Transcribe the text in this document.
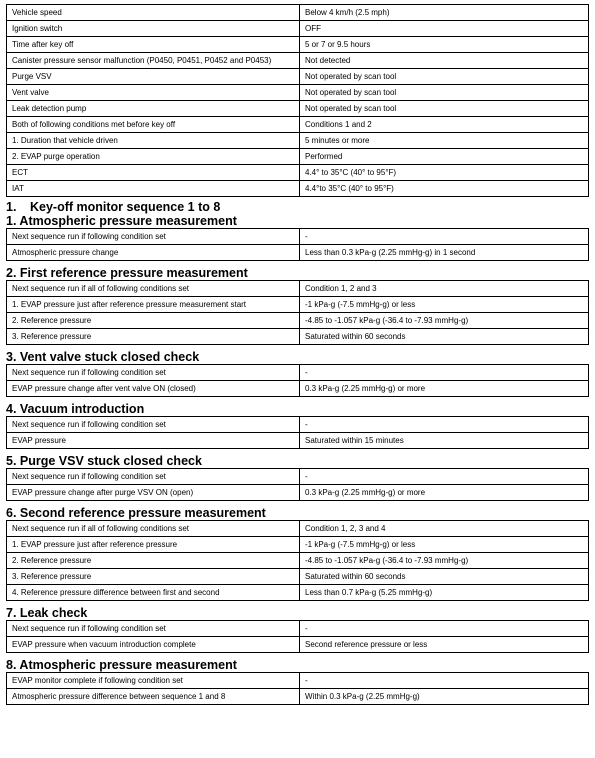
Vehicle speed	Below 4 km/h (2.5 mph)
Ignition switch	OFF
Time after key off	5 or 7 or 9.5 hours
Canister pressure sensor malfunction (P0450, P0451, P0452 and P0453)	Not detected
Purge VSV	Not operated by scan tool
Vent valve	Not operated by scan tool
Leak detection pump	Not operated by scan tool
Both of following conditions met before key off	Conditions 1 and 2
1. Duration that vehicle driven	5 minutes or more
2. EVAP purge operation	Performed
ECT	4.4° to 35°C (40° to 95°F)
IAT	4.4°to 35°C (40° to 95°F)
1. Key-off monitor sequence 1 to 8
1. Atmospheric pressure measurement
Next sequence run if following condition set	-
Atmospheric pressure change	Less than 0.3 kPa-g (2.25 mmHg-g) in 1 second
2. First reference pressure measurement
Next sequence run if all of following conditions set	Condition 1, 2 and 3
1. EVAP pressure just after reference pressure measurement start	-1 kPa-g (-7.5 mmHg-g) or less
2. Reference pressure	-4.85 to -1.057 kPa-g (-36.4 to -7.93 mmHg-g)
3. Reference pressure	Saturated within 60 seconds
3. Vent valve stuck closed check
Next sequence run if following condition set	-
EVAP pressure change after vent valve ON (closed)	0.3 kPa-g (2.25 mmHg-g) or more
4. Vacuum introduction
Next sequence run if following condition set	-
EVAP pressure	Saturated within 15 minutes
5. Purge VSV stuck closed check
Next sequence run if following condition set	-
EVAP pressure change after purge VSV ON (open)	0.3 kPa-g (2.25 mmHg-g) or more
6. Second reference pressure measurement
Next sequence run if all of following conditions set	Condition 1, 2, 3 and 4
1. EVAP pressure just after reference pressure	-1 kPa-g (-7.5 mmHg-g) or less
2. Reference pressure	-4.85 to -1.057 kPa-g (-36.4 to -7.93 mmHg-g)
3. Reference pressure	Saturated within 60 seconds
4. Reference pressure difference between first and second	Less than 0.7 kPa-g (5.25 mmHg-g)
7. Leak check
Next sequence run if following condition set	-
EVAP pressure when vacuum introduction complete	Second reference pressure or less
8. Atmospheric pressure measurement
EVAP monitor complete if following condition set	-
Atmospheric pressure difference between sequence 1 and 8	Within 0.3 kPa-g (2.25 mmHg-g)
